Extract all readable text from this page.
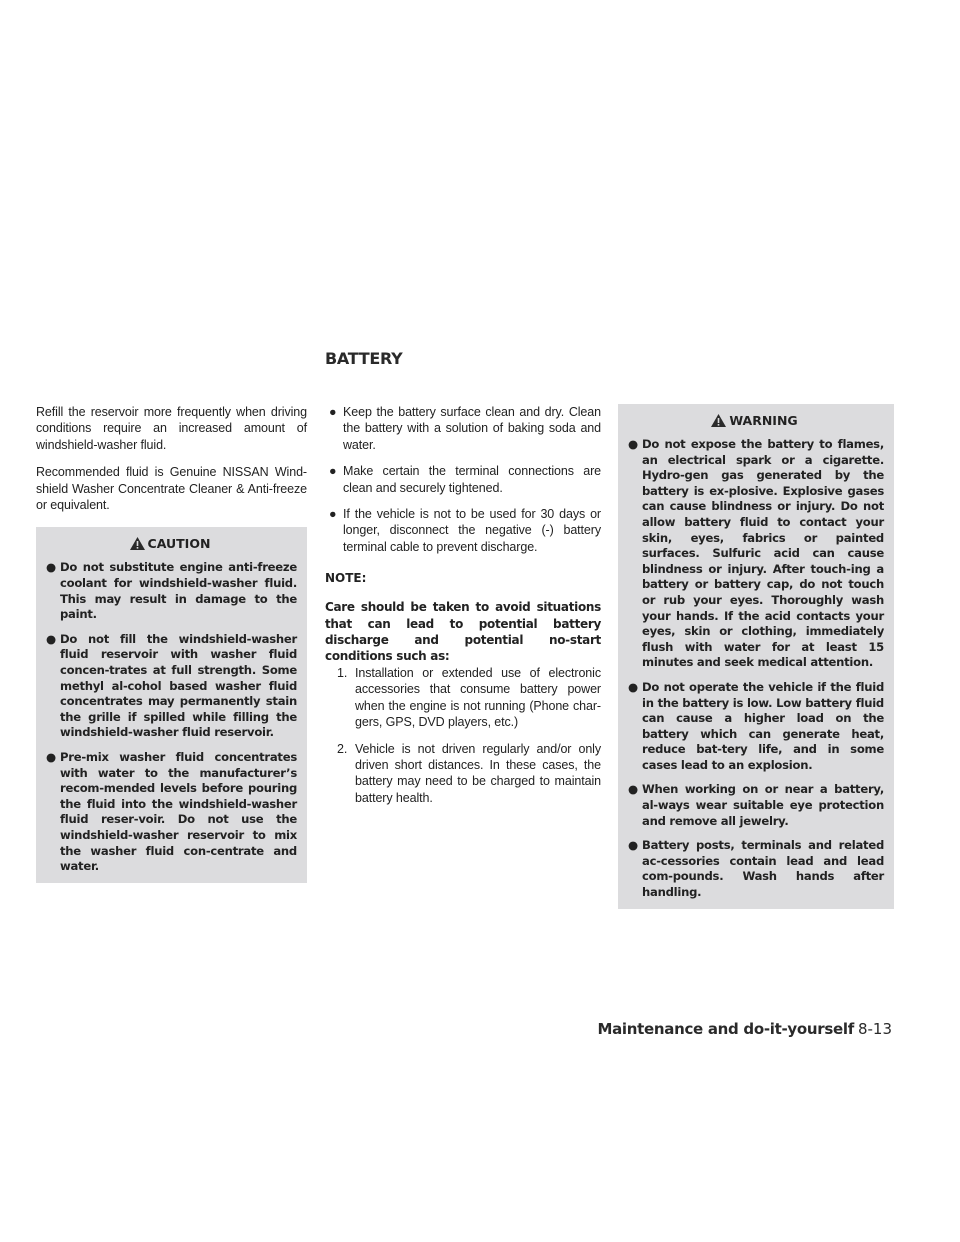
BATTERY

Refill the reservoir more frequently when driving conditions require an increased amount of windshield-washer fluid.

Recommended fluid is Genuine NISSAN Wind-shield Washer Concentrate Cleaner & Anti-freeze or equivalent.

CAUTION
● Do not substitute engine anti-freeze coolant for windshield-washer fluid. This may result in damage to the paint.
● Do not fill the windshield-washer fluid reservoir with washer fluid concen-trates at full strength. Some methyl al-cohol based washer fluid concentrates may permanently stain the grille if spilled while filling the windshield-washer fluid reservoir.
● Pre-mix washer fluid concentrates with water to the manufacturer’s recom-mended levels before pouring the fluid into the windshield-washer fluid reser-voir. Do not use the windshield-washer reservoir to mix the washer fluid con-centrate and water.
● Keep the battery surface clean and dry. Clean the battery with a solution of baking soda and water.
● Make certain the terminal connections are clean and securely tightened.
● If the vehicle is not to be used for 30 days or longer, disconnect the negative (-) battery terminal cable to prevent discharge.
NOTE:

Care should be taken to avoid situations that can lead to potential battery discharge and potential no-start conditions such as:

1. Installation or extended use of electronic accessories that consume battery power when the engine is not running (Phone char-gers, GPS, DVD players, etc.)
2. Vehicle is not driven regularly and/or only driven short distances. In these cases, the battery may need to be charged to maintain battery health.
WARNING
● Do not expose the battery to flames, an electrical spark or a cigarette. Hydro-gen gas generated by the battery is ex-plosive. Explosive gases can cause blindness or injury. Do not allow battery fluid to contact your skin, eyes, fabrics or painted surfaces. Sulfuric acid can cause blindness or injury. After touch-ing a battery or battery cap, do not touch or rub your eyes. Thoroughly wash your hands. If the acid contacts your eyes, skin or clothing, immediately flush with water for at least 15 minutes and seek medical attention.
● Do not operate the vehicle if the fluid in the battery is low. Low battery fluid can cause a higher load on the battery which can generate heat, reduce bat-tery life, and in some cases lead to an explosion.
● When working on or near a battery, al-ways wear suitable eye protection and remove all jewelry.
● Battery posts, terminals and related ac-cessories contain lead and lead com-pounds. Wash hands after handling.
Maintenance and do-it-yourself 8-13
